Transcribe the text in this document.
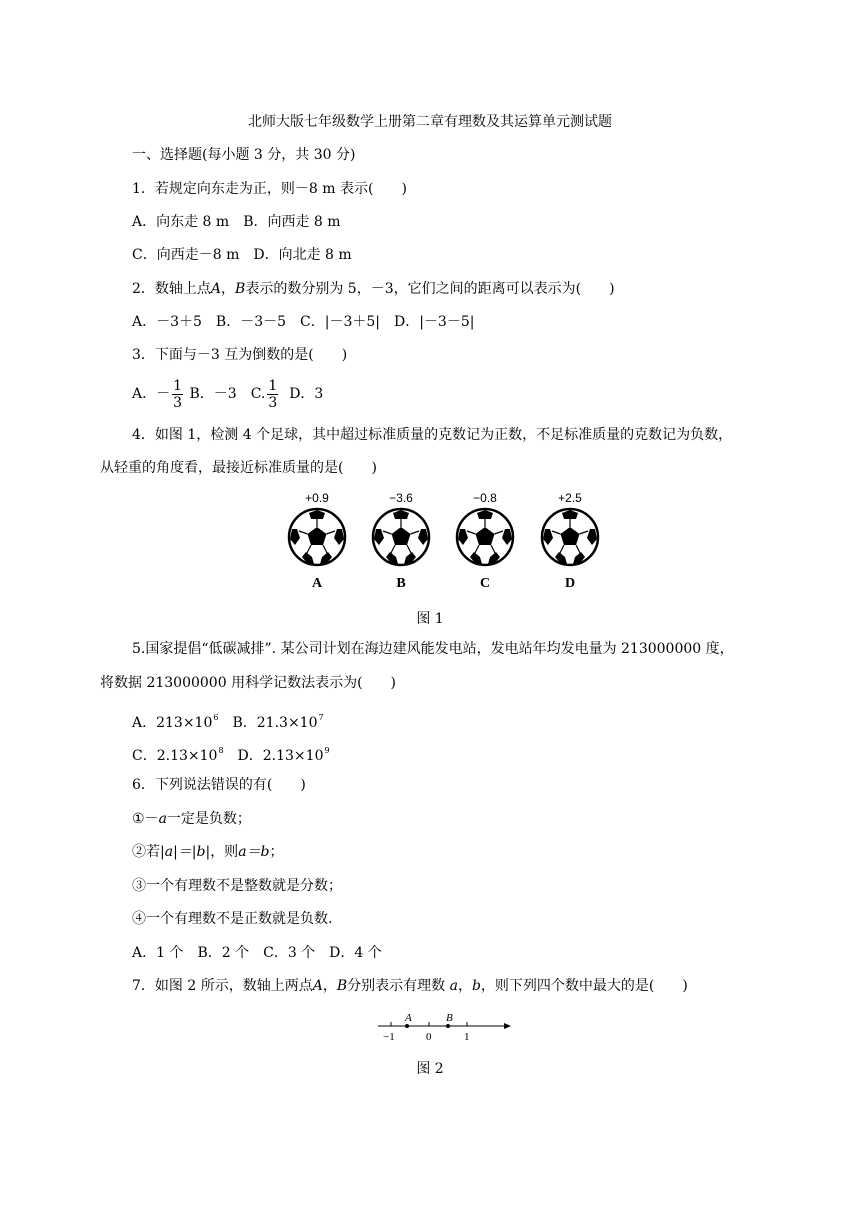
北师大版七年级数学上册第二章有理数及其运算单元测试题
一、选择题(每小题 3 分，共 30 分)
1．若规定向东走为正，则－8 m 表示(　　)
A．向东走 8 m　B．向西走 8 m
C．向西走－8 m　D．向北走 8 m
2．数轴上点A，B表示的数分别为 5，－3，它们之间的距离可以表示为(　　)
A．－3＋5　B．－3－5　C．|－3＋5|　D．|－3－5|
3．下面与－3 互为倒数的是(　　)
A．－ $\frac{1}{3}$ B．－3　C. $\frac{1}{3}$ D．3
4．如图 1，检测 4 个足球，其中超过标准质量的克数记为正数，不足标准质量的克数记为负数，
从轻重的角度看，最接近标准质量的是(　　)
+0.9
A
−3.6
B
−0.8
C
+2.5
D
图 1
5.国家提倡“低碳减排”. 某公司计划在海边建风能发电站，发电站年均发电量为 213000000 度，
将数据 213000000 用科学记数法表示为(　　)
A．$213\times 10^6$　 B．$21.3\times 10^7$
C．$2.13\times 10^8$　 D．$2.13\times 10^9$
6．下列说法错误的有(　　)
①－a一定是负数；
②若|a|＝|b|，则a＝b；
③一个有理数不是整数就是分数；
④一个有理数不是正数就是负数.
A．1 个　B．2 个　C．3 个　D．4 个
7．如图 2 所示，数轴上两点A，B分别表示有理数 a，b，则下列四个数中最大的是(　　)
A	B
−1	0	1
图 2
